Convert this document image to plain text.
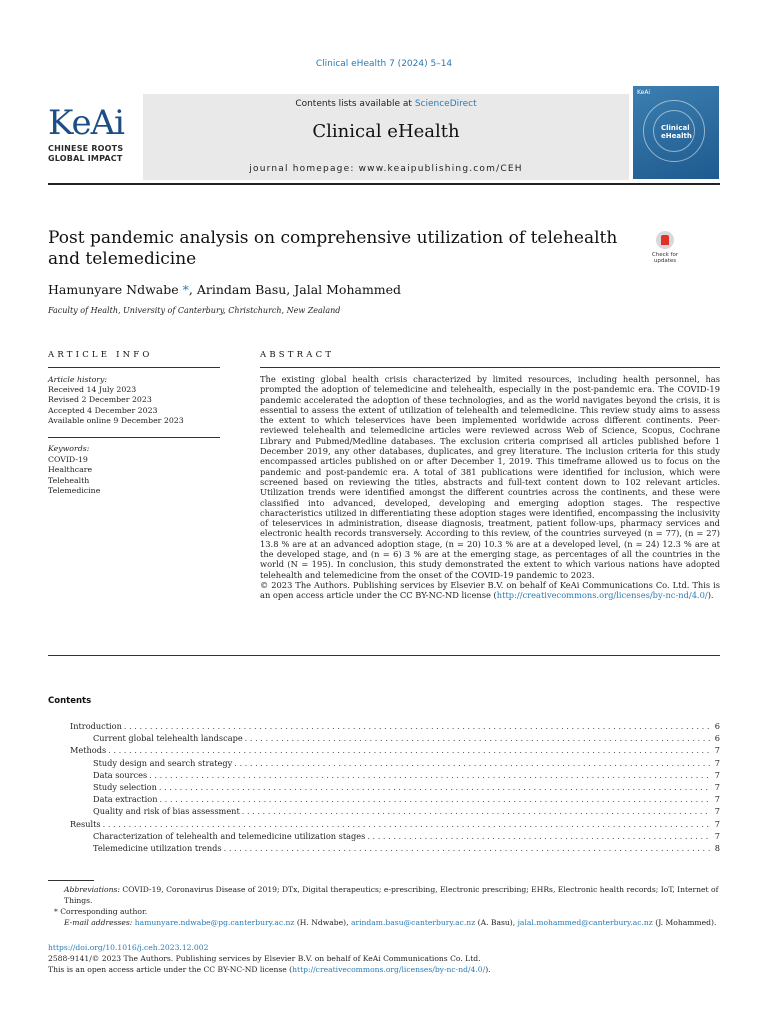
Clinical eHealth 7 (2024) 5–14
KeAi
CHINESE ROOTS
GLOBAL IMPACT
Contents lists available at ScienceDirect
Clinical eHealth
journal homepage: www.keaipublishing.com/CEH
KeAi
Clinical
eHealth
Post pandemic analysis on comprehensive utilization of telehealth and telemedicine	Check for
updates
Hamunyare Ndwabe *, Arindam Basu, Jalal Mohammed
Faculty of Health, University of Canterbury, Christchurch, New Zealand
ARTICLE INFO	ABSTRACT
Article history:
Received 14 July 2023
Revised 2 December 2023
Accepted 4 December 2023
Available online 9 December 2023
Keywords:
COVID-19
Healthcare
Telehealth
Telemedicine
The existing global health crisis characterized by limited resources, including health personnel, has prompted the adoption of telemedicine and telehealth, especially in the post-pandemic era. The COVID-19 pandemic accelerated the adoption of these technologies, and as the world navigates beyond the crisis, it is essential to assess the extent of utilization of telehealth and telemedicine. This review study aims to assess the extent to which teleservices have been implemented worldwide across different continents. Peer-reviewed telehealth and telemedicine articles were reviewed across Web of Science, Scopus, Cochrane Library and Pubmed/Medline databases. The exclusion criteria comprised all articles published before 1 December 2019, any other databases, duplicates, and grey literature. The inclusion criteria for this study encompassed articles published on or after December 1, 2019. This timeframe allowed us to focus on the pandemic and post-pandemic era. A total of 381 publications were identified for inclusion, which were screened based on reviewing the titles, abstracts and full-text content down to 102 relevant articles. Utilization trends were identified amongst the different countries across the continents, and these were classified into advanced, developed, developing and emerging adoption stages. The respective characteristics utilized in differentiating these adoption stages were identified, encompassing the inclusivity of teleservices in administration, disease diagnosis, treatment, patient follow-ups, pharmacy services and electronic health records transversely. According to this review, of the countries surveyed (n = 77), (n = 27) 13.8 % are at an advanced adoption stage, (n = 20) 10.3 % are at a developed level, (n = 24) 12.3 % are at the developed stage, and (n = 6) 3 % are at the emerging stage, as percentages of all the countries in the world (N = 195). In conclusion, this study demonstrated the extent to which various nations have adopted telehealth and telemedicine from the onset of the COVID-19 pandemic to 2023.
© 2023 The Authors. Publishing services by Elsevier B.V. on behalf of KeAi Communications Co. Ltd. This is an open access article under the CC BY-NC-ND license (http://creativecommons.org/licenses/by-nc-nd/4.0/).
Contents
Introduction . . .	6
Current global telehealth landscape . . .	6
Methods . . .	7
Study design and search strategy . . .	7
Data sources . . .	7
Study selection . . .	7
Data extraction . . .	7
Quality and risk of bias assessment . . .	7
Results . . .	7
Characterization of telehealth and telemedicine utilization stages . . .	7
Telemedicine utilization trends . . .	8
Abbreviations: COVID-19, Coronavirus Disease of 2019; DTx, Digital therapeutics; e-prescribing, Electronic prescribing; EHRs, Electronic health records; IoT, Internet of Things.
* Corresponding author.
E-mail addresses: hamunyare.ndwabe@pg.canterbury.ac.nz (H. Ndwabe), arindam.basu@canterbury.ac.nz (A. Basu), jalal.mohammed@canterbury.ac.nz (J. Mohammed).
https://doi.org/10.1016/j.ceh.2023.12.002
2588-9141/© 2023 The Authors. Publishing services by Elsevier B.V. on behalf of KeAi Communications Co. Ltd.
This is an open access article under the CC BY-NC-ND license (http://creativecommons.org/licenses/by-nc-nd/4.0/).
